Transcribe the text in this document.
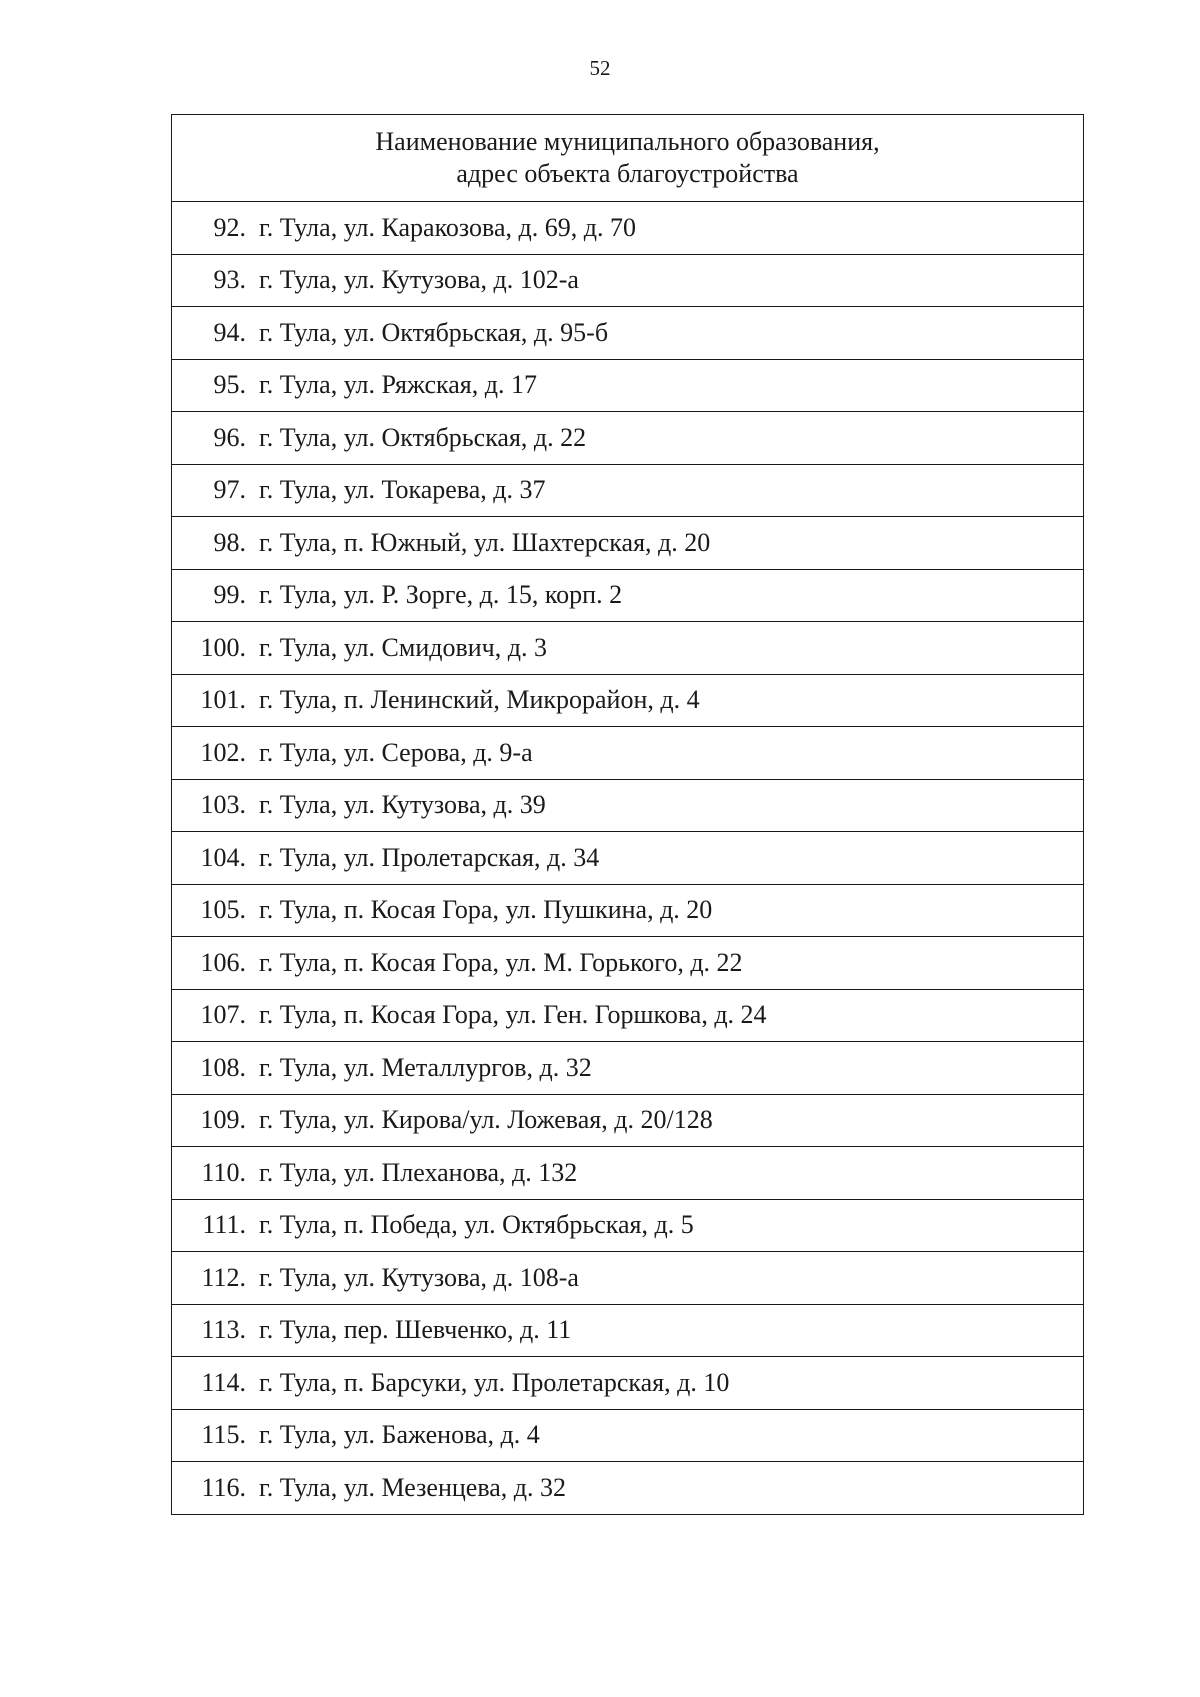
52
Наименование муниципального образования,
адрес объекта благоустройства

92. г. Тула, ул. Каракозова, д. 69, д. 70
93. г. Тула, ул. Кутузова, д. 102-а
94. г. Тула, ул. Октябрьская, д. 95-б
95. г. Тула, ул. Ряжская, д. 17
96. г. Тула, ул. Октябрьская, д. 22
97. г. Тула, ул. Токарева, д. 37
98. г. Тула, п. Южный, ул. Шахтерская, д. 20
99. г. Тула, ул. Р. Зорге, д. 15, корп. 2
100. г. Тула, ул. Смидович, д. 3
101. г. Тула, п. Ленинский, Микрорайон, д. 4
102. г. Тула, ул. Серова, д. 9-а
103. г. Тула, ул. Кутузова, д. 39
104. г. Тула, ул. Пролетарская, д. 34
105. г. Тула, п. Косая Гора, ул. Пушкина, д. 20
106. г. Тула, п. Косая Гора, ул. М. Горького, д. 22
107. г. Тула, п. Косая Гора, ул. Ген. Горшкова, д. 24
108. г. Тула, ул. Металлургов, д. 32
109. г. Тула, ул. Кирова/ул. Ложевая, д. 20/128
110. г. Тула, ул. Плеханова, д. 132
111. г. Тула, п. Победа, ул. Октябрьская, д. 5
112. г. Тула, ул. Кутузова, д. 108-а
113. г. Тула, пер. Шевченко, д. 11
114. г. Тула, п. Барсуки, ул. Пролетарская, д. 10
115. г. Тула, ул. Баженова, д. 4
116. г. Тула, ул. Мезенцева, д. 32
